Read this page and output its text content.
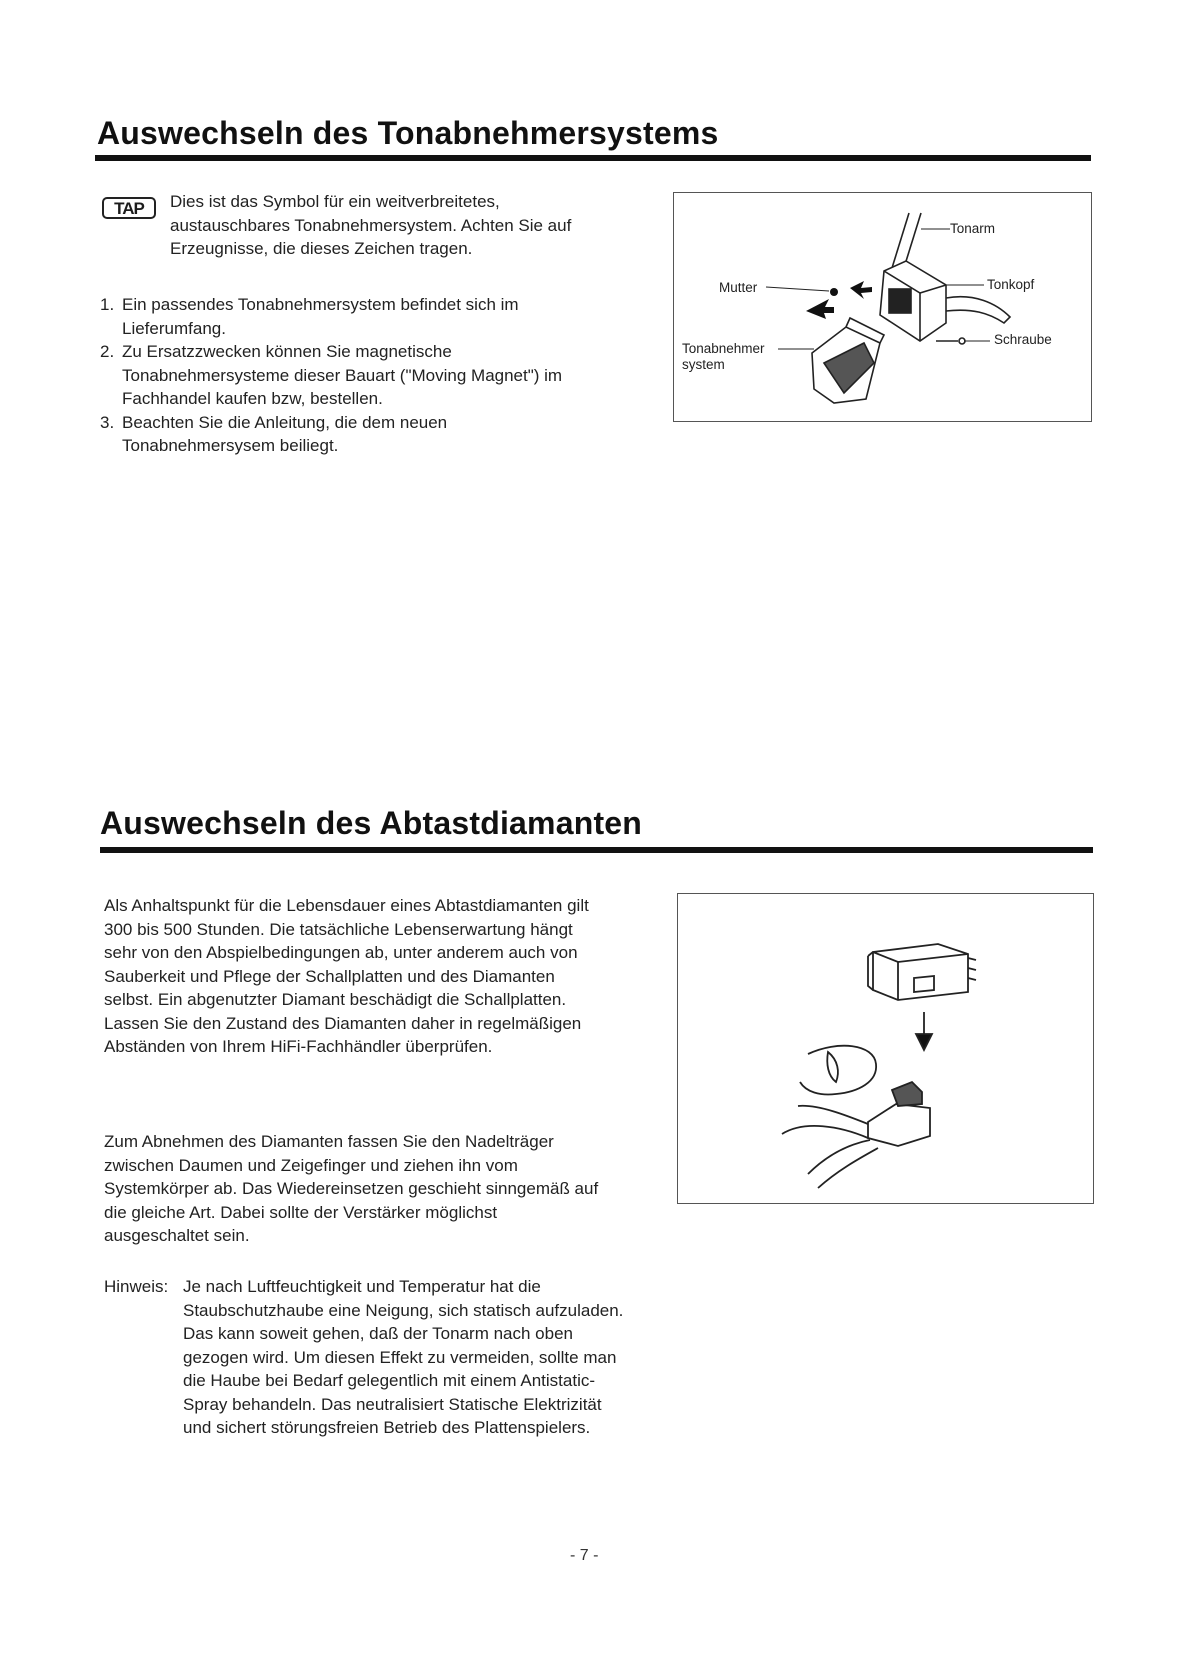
Auswechseln des Tonabnehmersystems
TAP	Dies ist das Symbol für ein weitverbreitetes, austauschbares Tonabnehmersystem. Achten Sie auf Erzeugnisse, die dieses Zeichen tragen.
1. Ein passendes Tonabnehmersystem befindet sich im Lieferumfang.
2. Zu Ersatzzwecken können Sie magnetische Tonabnehmersysteme dieser Bauart ("Moving Magnet") im Fachhandel kaufen bzw, bestellen.
3. Beachten Sie die Anleitung, die dem neuen Tonabnehmersysem beiliegt.
Tonarm
Tonkopf
Mutter
Schraube
Tonabnehmer
system
Auswechseln des Abtastdiamanten
Als Anhaltspunkt für die Lebensdauer eines Abtastdiamanten gilt 300 bis 500 Stunden. Die tatsächliche Lebenserwartung hängt sehr von den Abspielbedingungen ab, unter anderem auch von Sauberkeit und Pflege der Schallplatten und des Diamanten selbst. Ein abgenutzter Diamant beschädigt die Schallplatten. Lassen Sie den Zustand des Diamanten daher in regelmäßigen Abständen von Ihrem HiFi-Fachhändler überprüfen.
Zum Abnehmen des Diamanten fassen Sie den Nadelträger zwischen Daumen und Zeigefinger und ziehen ihn vom Systemkörper ab. Das Wiedereinsetzen geschieht sinngemäß auf die gleiche Art. Dabei sollte der Verstärker möglichst ausgeschaltet sein.
Hinweis: Je nach Luftfeuchtigkeit und Temperatur hat die Staubschutzhaube eine Neigung, sich statisch aufzuladen. Das kann soweit gehen, daß der Tonarm nach oben gezogen wird. Um diesen Effekt zu vermeiden, sollte man die Haube bei Bedarf gelegentlich mit einem Antistatic-Spray behandeln. Das neutralisiert Statische Elektrizität und sichert störungsfreien Betrieb des Plattenspielers.
- 7 -
